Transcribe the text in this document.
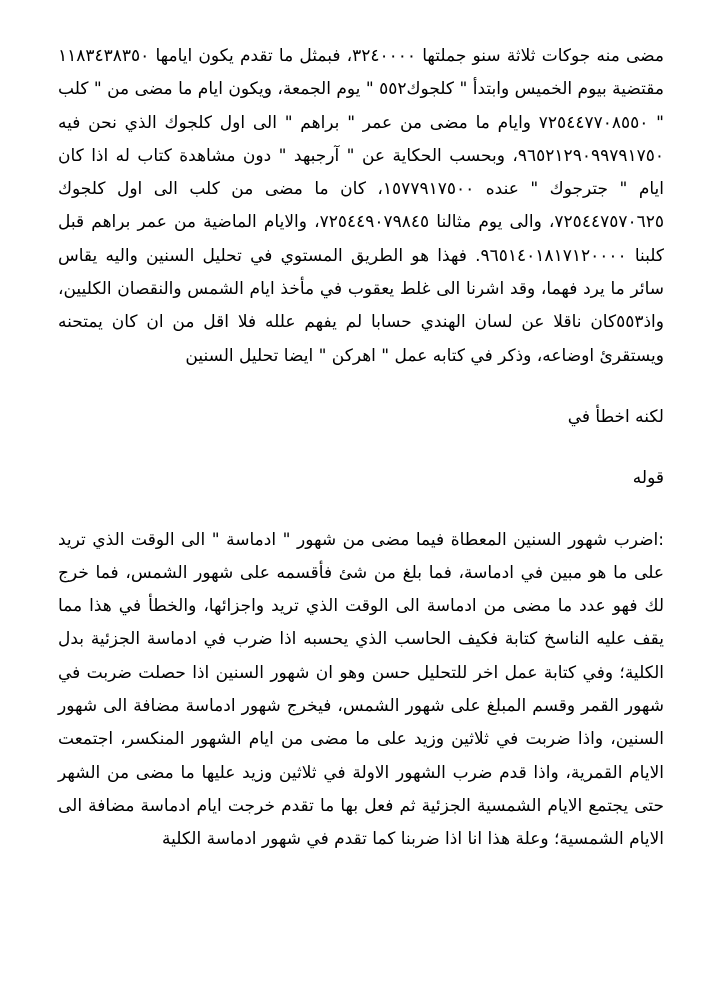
مضى منه جوكات ثلاثة سنو جملتها ٣٢٤٠٠٠٠، فبمثل ما تقدم يكون ايامها ١١٨٣٤٣٨٣٥٠ مقتضية بيوم الخميس وابتدأ " كلجوك٥٥٢ " يوم الجمعة، ويكون ايام ما مضى من " كلب " ٧٢٥٤٤٧٧٠٨٥٥٠ وايام ما مضى من عمر " براهم " الى اول كلجوك الذي نحن فيه ٩٦٥٢١٢٩٠٩٩٧٩١٧٥٠، وبحسب الحكاية عن " آرجبهد " دون مشاهدة كتاب له اذا كان ايام " جترجوك " عنده ١٥٧٧٩١٧٥٠٠، كان ما مضى من كلب الى اول كلجوك ٧٢٥٤٤٧٥٧٠٦٢٥، والى يوم مثالنا ٧٢٥٤٤٩٠٧٩٨٤٥، والايام الماضية من عمر براهم قبل كلبنا ٩٦٥١٤٠١٨١٧١٢٠٠٠٠. فهذا هو الطريق المستوي في تحليل السنين واليه يقاس سائر ما يرد فهما، وقد اشرنا الى غلط يعقوب في مأخذ ايام الشمس والنقصان الكليين، واذ٥٥٣كان ناقلا عن لسان الهندي حسابا لم يفهم علله فلا اقل من ان كان يمتحنه ويستقرئ اوضاعه، وذكر في كتابه عمل " اهركن " ايضا تحليل السنين

لكنه اخطأ في

قوله

:اضرب شهور السنين المعطاة فيما مضى من شهور " ادماسة " الى الوقت الذي تريد على ما هو مبين في ادماسة، فما بلغ من شئ فأقسمه على شهور الشمس، فما خرج لك فهو عدد ما مضى من ادماسة الى الوقت الذي تريد واجزائها، والخطأ في هذا مما يقف عليه الناسخ كتابة فكيف الحاسب الذي يحسبه اذا ضرب في ادماسة الجزئية بدل الكلية؛ وفي كتابة عمل اخر للتحليل حسن وهو ان شهور السنين اذا حصلت ضربت في شهور القمر وقسم المبلغ على شهور الشمس، فيخرج شهور ادماسة مضافة الى شهور السنين، واذا ضربت في ثلاثين وزيد على ما مضى من ايام الشهور المنكسر، اجتمعت الايام القمرية، واذا قدم ضرب الشهور الاولة في ثلاثين وزيد عليها ما مضى من الشهر حتى يجتمع الايام الشمسية الجزئية ثم فعل بها ما تقدم خرجت ايام ادماسة مضافة الى الايام الشمسية؛ وعلة هذا انا اذا ضربنا كما تقدم في شهور ادماسة الكلية
